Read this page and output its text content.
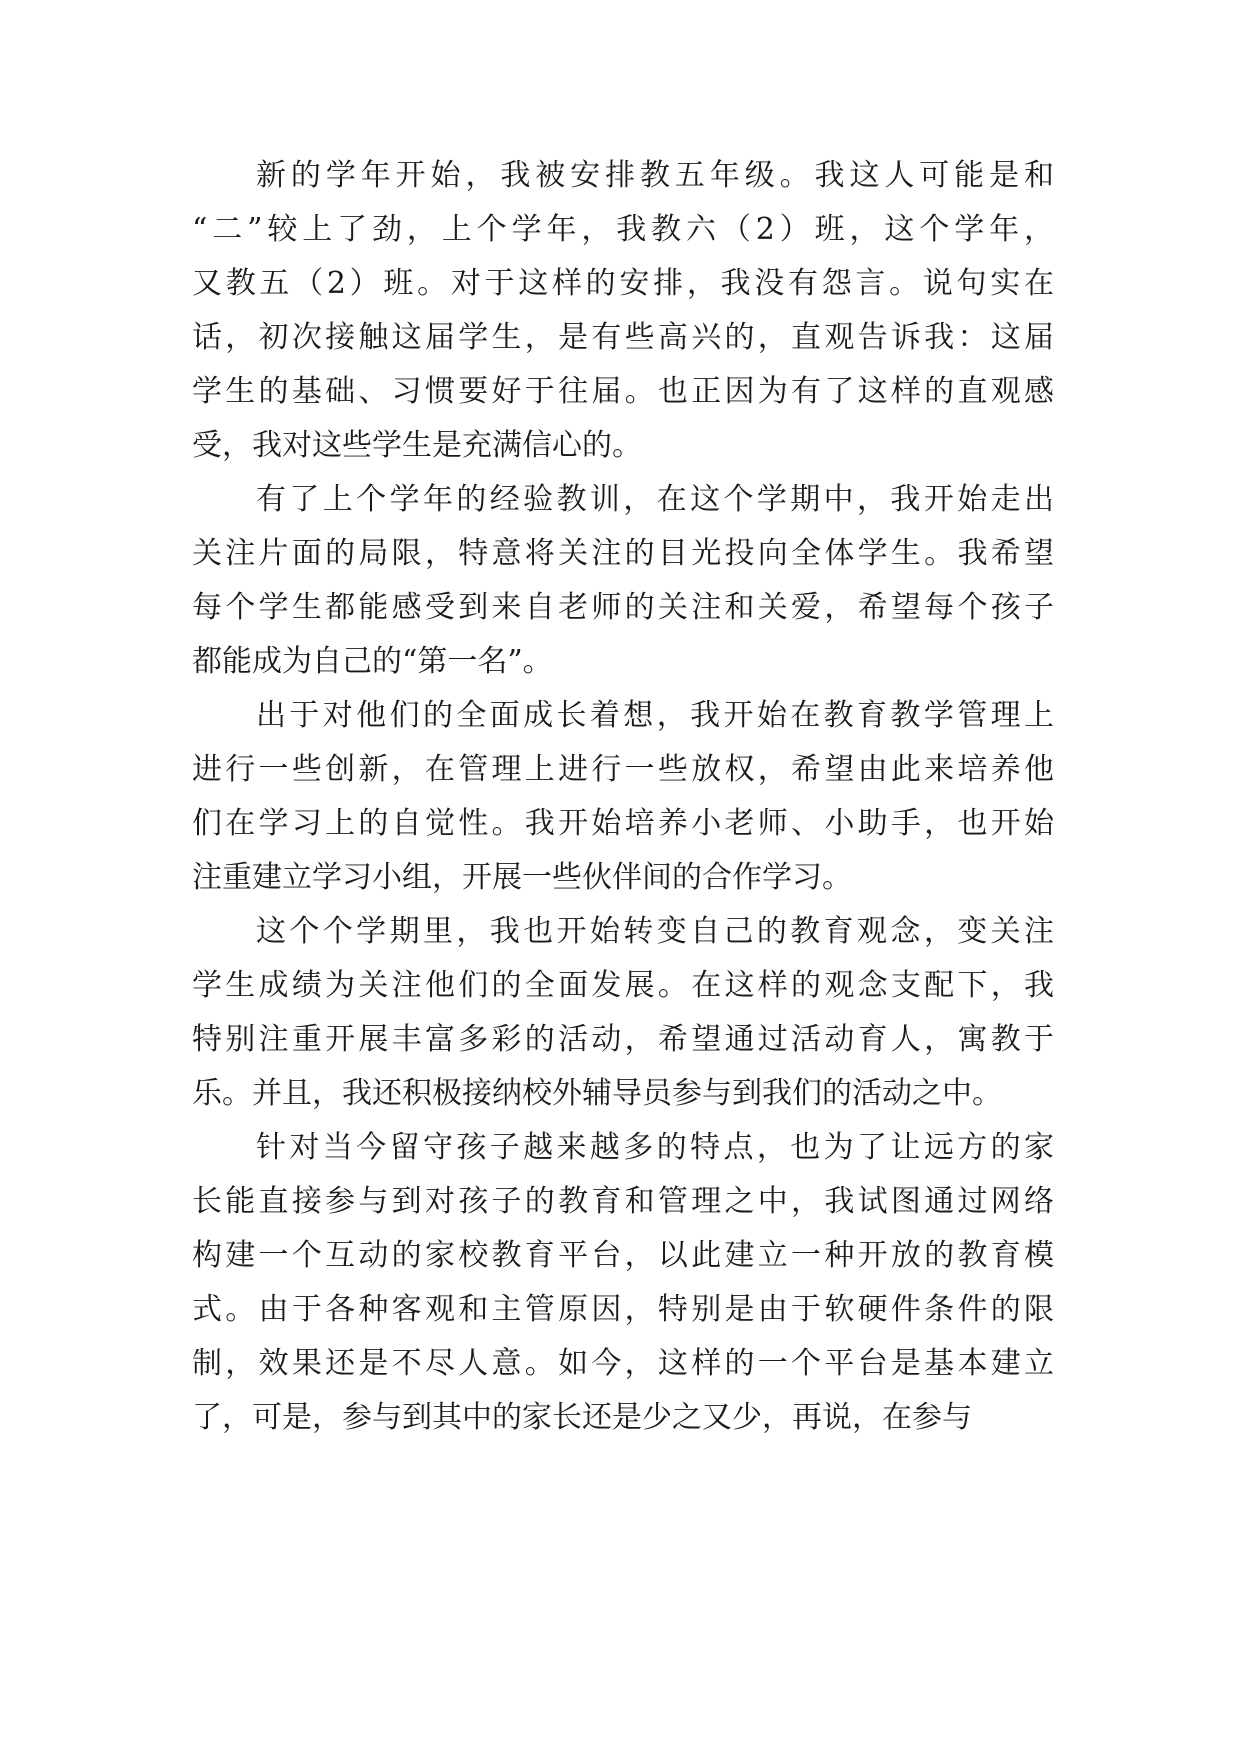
新的学年开始，我被安排教五年级。我这人可能是和
“二”较上了劲，上个学年，我教六（2）班，这个学年，
又教五（2）班。对于这样的安排，我没有怨言。说句实在
话，初次接触这届学生，是有些高兴的，直观告诉我：这届
学生的基础、习惯要好于往届。也正因为有了这样的直观感
受，我对这些学生是充满信心的。
有了上个学年的经验教训，在这个学期中，我开始走出
关注片面的局限，特意将关注的目光投向全体学生。我希望
每个学生都能感受到来自老师的关注和关爱，希望每个孩子
都能成为自己的“第一名”。
出于对他们的全面成长着想，我开始在教育教学管理上
进行一些创新，在管理上进行一些放权，希望由此来培养他
们在学习上的自觉性。我开始培养小老师、小助手，也开始
注重建立学习小组，开展一些伙伴间的合作学习。
这个个学期里，我也开始转变自己的教育观念，变关注
学生成绩为关注他们的全面发展。在这样的观念支配下，我
特别注重开展丰富多彩的活动，希望通过活动育人，寓教于
乐。并且，我还积极接纳校外辅导员参与到我们的活动之中。
针对当今留守孩子越来越多的特点，也为了让远方的家
长能直接参与到对孩子的教育和管理之中，我试图通过网络
构建一个互动的家校教育平台，以此建立一种开放的教育模
式。由于各种客观和主管原因，特别是由于软硬件条件的限
制，效果还是不尽人意。如今，这样的一个平台是基本建立
了，可是，参与到其中的家长还是少之又少，再说，在参与
